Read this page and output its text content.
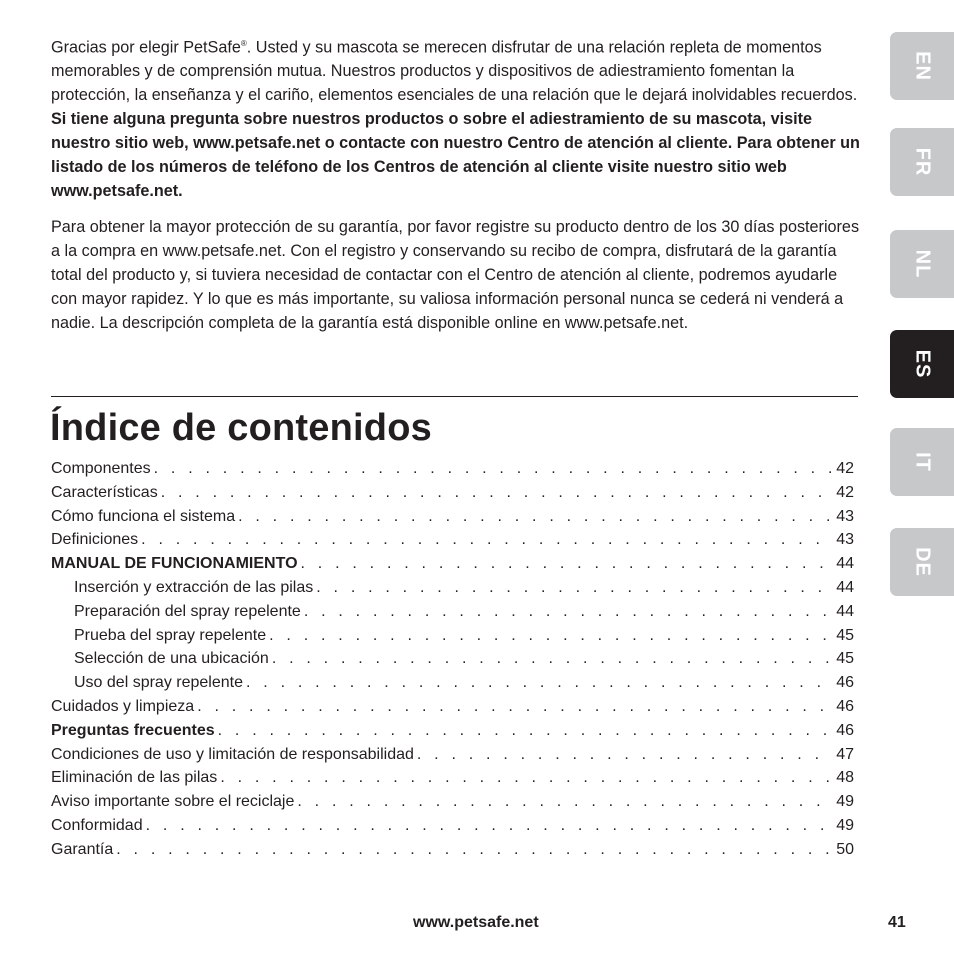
Gracias por elegir PetSafe®. Usted y su mascota se merecen disfrutar de una relación repleta de momentos memorables y de comprensión mutua. Nuestros productos y dispositivos de adiestramiento fomentan la protección, la enseñanza y el cariño, elementos esenciales de una relación que le dejará inolvidables recuerdos. Si tiene alguna pregunta sobre nuestros productos o sobre el adiestramiento de su mascota, visite nuestro sitio web, www.petsafe.net o contacte con nuestro Centro de atención al cliente. Para obtener un listado de los números de teléfono de los Centros de atención al cliente visite nuestro sitio web www.petsafe.net.

Para obtener la mayor protección de su garantía, por favor registre su producto dentro de los 30 días posteriores a la compra en www.petsafe.net. Con el registro y conservando su recibo de compra, disfrutará de la garantía total del producto y, si tuviera necesidad de contactar con el Centro de atención al cliente, podremos ayudarle con mayor rapidez. Y lo que es más importante, su valiosa información personal nunca se cederá ni venderá a nadie. La descripción completa de la garantía está disponible online en www.petsafe.net.

Índice de contenidos
Componentes . . .	42
Características . . .	42
Cómo funciona el sistema . . .	43
Definiciones . . .	43
MANUAL DE FUNCIONAMIENTO . . .	44
Inserción y extracción de las pilas . . .	44
Preparación del spray repelente . . .	44
Prueba del spray repelente . . .	45
Selección de una ubicación . . .	45
Uso del spray repelente . . .	46
Cuidados y limpieza . . .	46
Preguntas frecuentes . . .	46
Condiciones de uso y limitación de responsabilidad . . .	47
Eliminación de las pilas . . .	48
Aviso importante sobre el reciclaje . . .	49
Conformidad . . .	49
Garantía . . .	50
EN
FR
NL
ES
IT
DE
www.petsafe.net	41
